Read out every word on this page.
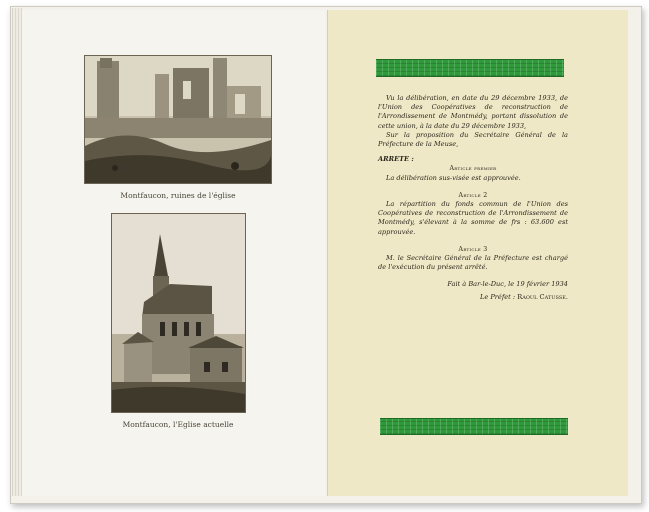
Montfaucon, ruines de l'église
Montfaucon, l'Eglise actuelle

Vu la délibération, en date du 29 décembre 1933, de l'Union des Coopératives de reconstruction de l'Arrondissement de Montmédy, portant dissolution de cette union, à la date du 29 décembre 1933,

Sur la proposition du Secrétaire Général de la Préfecture de la Meuse,

ARRETE :

Article premier

La délibération sus-visée est approuvée.

Article 2

La répartition du fonds commun de l'Union des Coopératives de reconstruction de l'Arrondissement de Montmédy, s'élevant à la somme de frs : 63.600 est approuvée.

Article 3

M. le Secrétaire Général de la Préfecture est chargé de l'exécution du présent arrêté.

Fait à Bar-le-Duc, le 19 février 1934

Le Préfet : Raoul Catusse.
